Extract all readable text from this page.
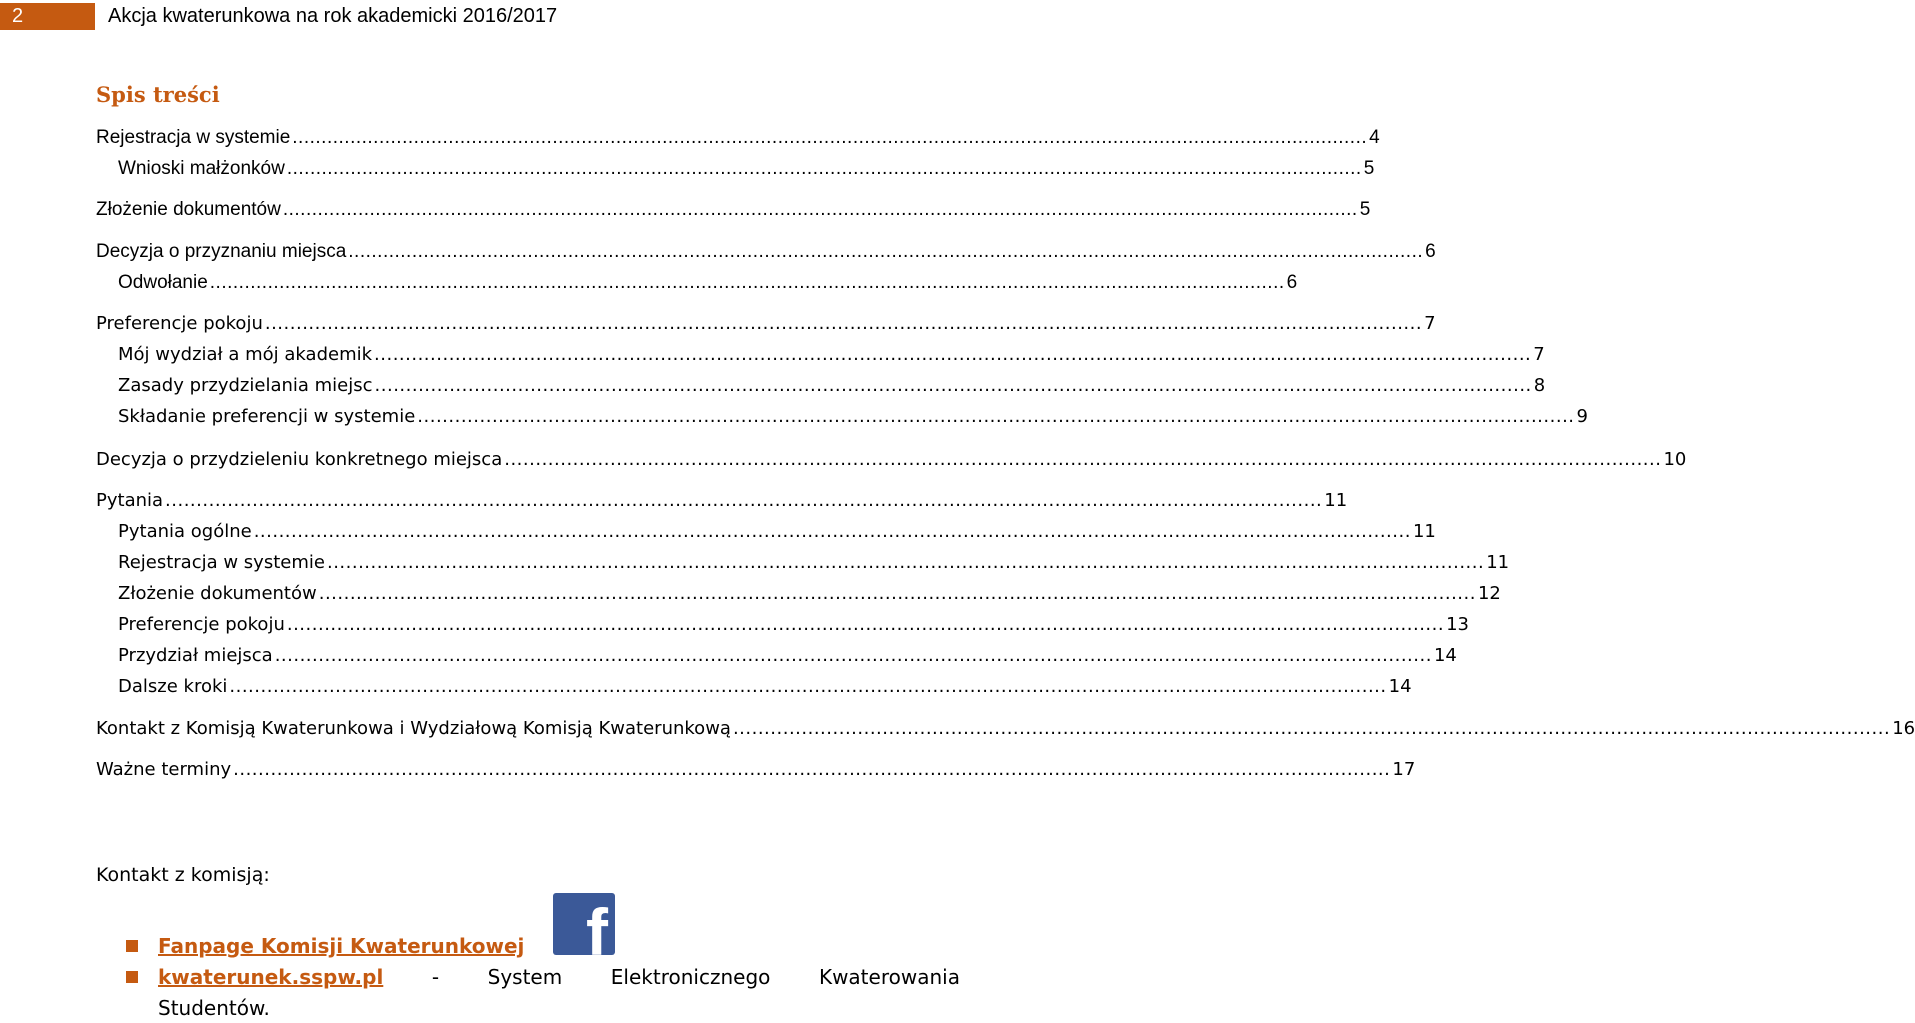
2	Akcja kwaterunkowa na rok akademicki 2016/2017
Spis treści
Rejestracja w systemie .......................................................................................................................................................................................... 4
Wnioski małżonków .......................................................................................................................................................................................... 5
Złożenie dokumentów .......................................................................................................................................................................................... 5
Decyzja o przyznaniu miejsca .......................................................................................................................................................................................... 6
Odwołanie .......................................................................................................................................................................................... 6
Preferencje pokoju .......................................................................................................................................................................................... 7
Mój wydział a mój akademik .......................................................................................................................................................................................... 7
Zasady przydzielania miejsc .......................................................................................................................................................................................... 8
Składanie preferencji w systemie .......................................................................................................................................................................................... 9
Decyzja o przydzieleniu konkretnego miejsca .......................................................................................................................................................................................... 10
Pytania .......................................................................................................................................................................................... 11
Pytania ogólne .......................................................................................................................................................................................... 11
Rejestracja w systemie .......................................................................................................................................................................................... 11
Złożenie dokumentów .......................................................................................................................................................................................... 12
Preferencje pokoju .......................................................................................................................................................................................... 13
Przydział miejsca .......................................................................................................................................................................................... 14
Dalsze kroki .......................................................................................................................................................................................... 14
Kontakt z Komisją Kwaterunkowa i Wydziałową Komisją Kwaterunkową .......................................................................................................................................................................................... 16
Ważne terminy .......................................................................................................................................................................................... 17
Kontakt z komisją:
f
Fanpage Komisji Kwaterunkowej
kwaterunek.sspw.pl - System Elektronicznego Kwaterowania
Studentów.
